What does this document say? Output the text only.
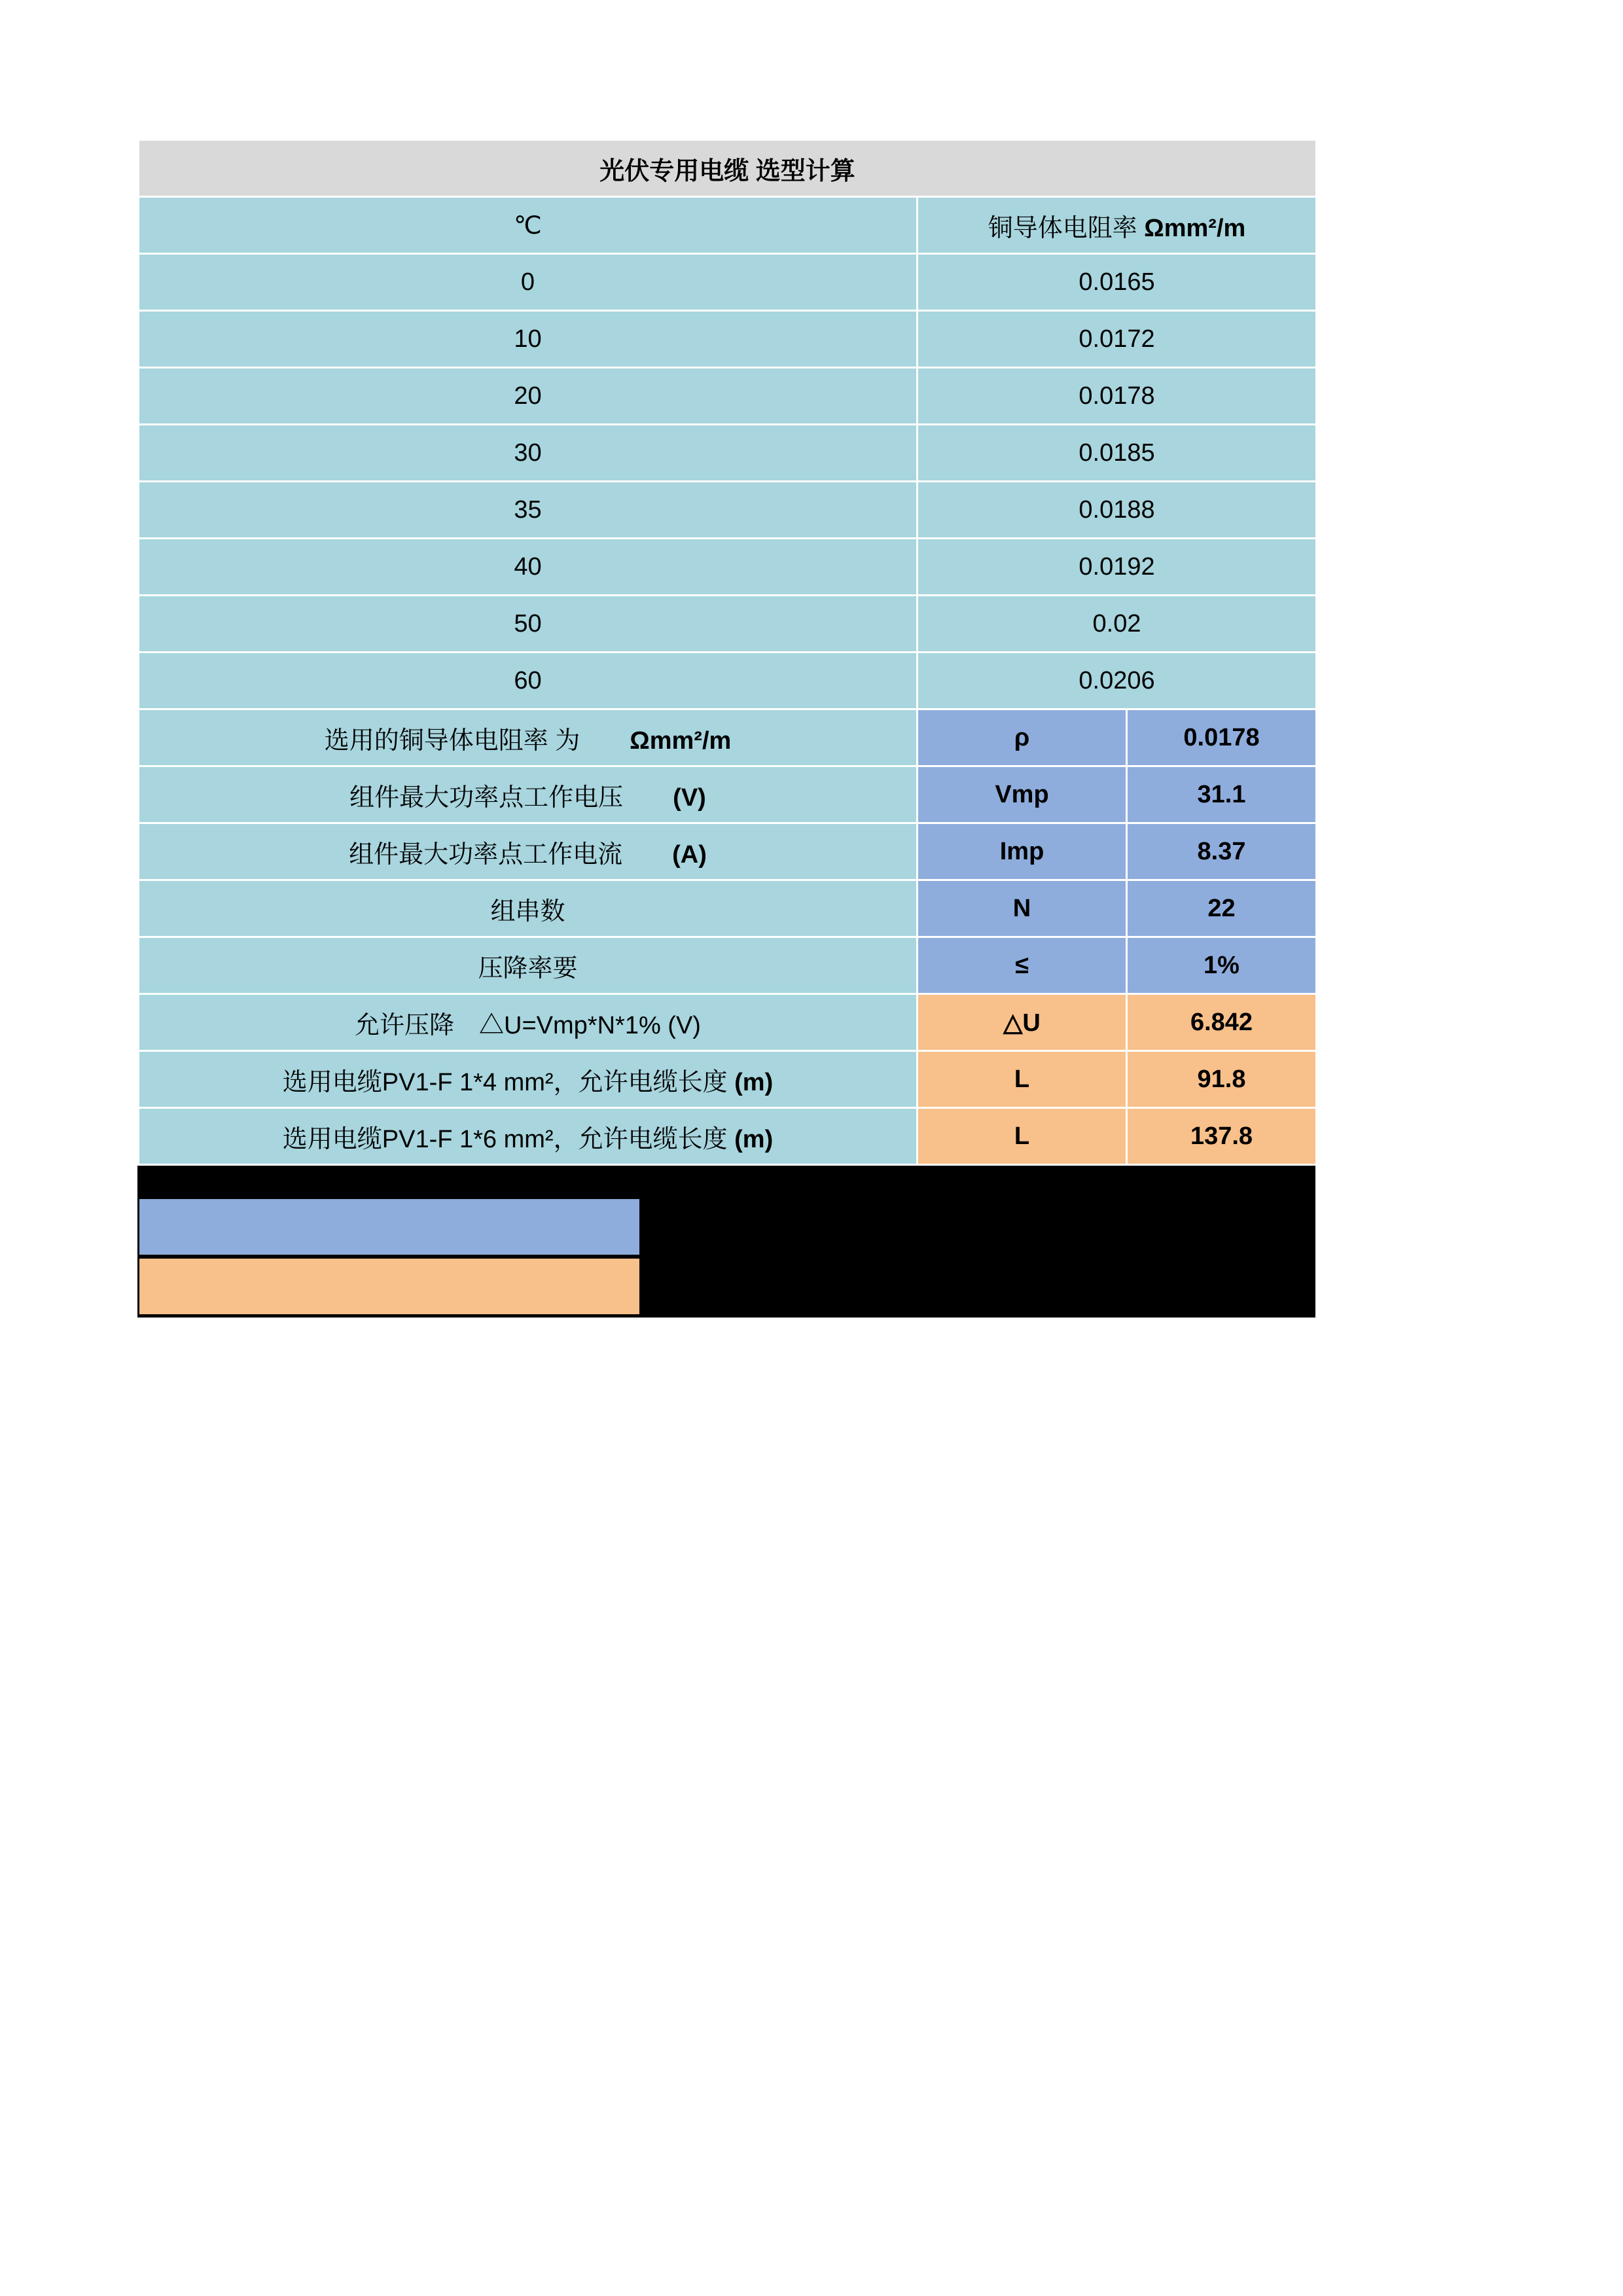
光伏专用电缆 选型计算		
℃	铜导体电阻率 Ωmm²/m	
0	0.0165	
10	0.0172	
20	0.0178	
30	0.0185	
35	0.0188	
40	0.0192	
50	0.02	
60	0.0206	
选用的铜导体电阻率 为　　Ωmm²/m	ρ	0.0178
组件最大功率点工作电压　　(V)	Vmp	31.1
组件最大功率点工作电流　　(A)	Imp	8.37
组串数	N	22
压降率要	≤	1%
允许压降　△U=Vmp*N*1% (V)	△U	6.842
选用电缆PV1-F 1*4 mm²，允许电缆长度 (m)	L	91.8
选用电缆PV1-F 1*6 mm²，允许电缆长度 (m)	L	137.8
